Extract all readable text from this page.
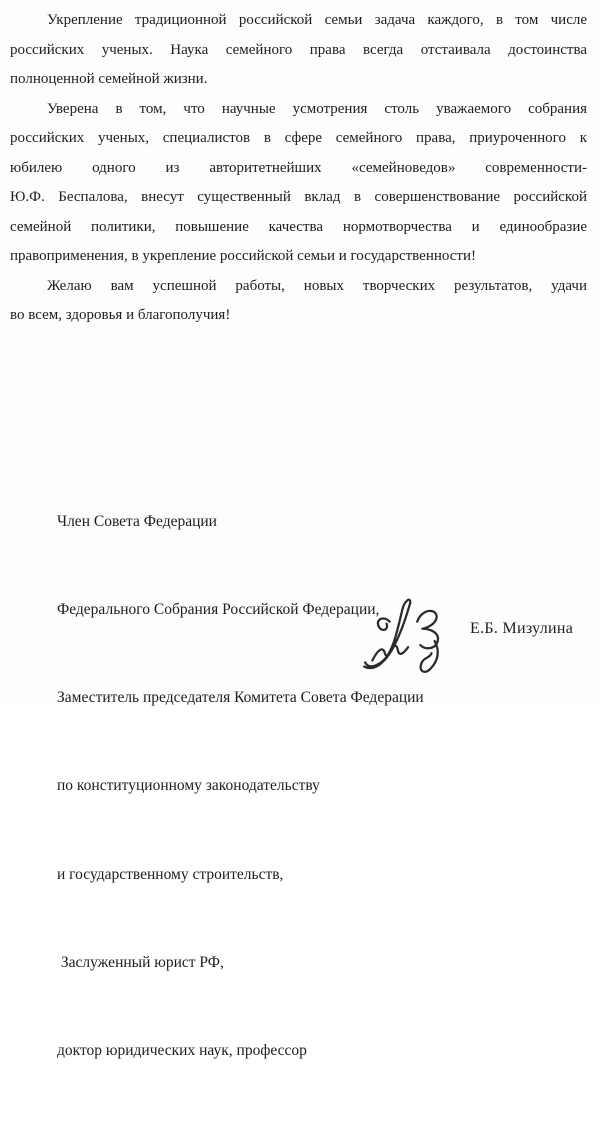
Укрепление традиционной российской семьи задача каждого, в том числе
российских ученых. Наука семейного права всегда отстаивала достоинства
полноценной семейной жизни.

Уверена в том, что научные усмотрения столь уважаемого собрания
российских ученых, специалистов в сфере семейного права, приуроченного к
юбилею одного из авторитетнейших «семейноведов» современности-
Ю.Ф. Беспалова, внесут существенный вклад в совершенствование российской
семейной политики, повышение качества нормотворчества и единообразие
правоприменения, в укрепление российской семьи и государственности!

Желаю вам успешной работы, новых творческих результатов, удачи
во всем, здоровья и благополучия!

Член Совета Федерации

Федерального Собрания Российской Федерации,

Заместитель председателя Комитета Совета Федерации

по конституционному законодательству

и государственному строительств,

Заслуженный юрист РФ,

доктор юридических наук, профессор

Е.Б. Мизулина
